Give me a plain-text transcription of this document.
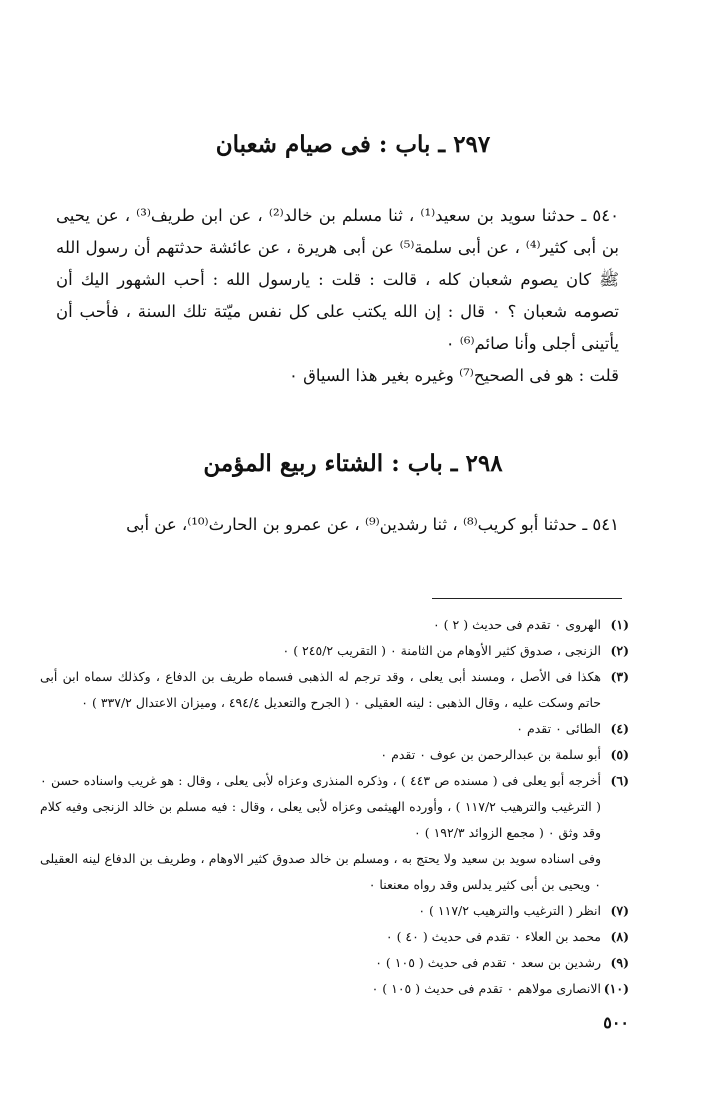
٢٩٧ ـ باب : فى صيام شعبان

٥٤٠ ـ حدثنا سويد بن سعيد⁽¹⁾ ، ثنا مسلم بن خالد⁽²⁾ ، عن ابن طريف⁽³⁾ ، عن يحيى بن أبى كثير⁽⁴⁾ ، عن أبى سلمة⁽⁵⁾ عن أبى هريرة ، عن عائشة حدثتهم أن رسول الله ﷺ كان يصوم شعبان كله ، قالت : قلت : يارسول الله : أحب الشهور اليك أن تصومه شعبان ؟ ٠ قال : إن الله يكتب على كل نفس ميّتة تلك السنة ، فأحب أن يأتينى أجلى وأنا صائم⁽⁶⁾ ٠

قلت : هو فى الصحيح⁽⁷⁾ وغيره بغير هذا السياق ٠

٢٩٨ ـ باب : الشتاء ربيع المؤمن

٥٤١ ـ حدثنا أبو كريب⁽⁸⁾ ، ثنا رشدين⁽⁹⁾ ، عن عمرو بن الحارث⁽¹⁰⁾، عن أبى

(١)
الهروى ٠ تقدم فى حديث ( ٢ ) ٠
(٢)
الزنجى ، صدوق كثير الأوهام من الثامنة ٠ ( التقريب ٢٤٥/٢ ) ٠
(٣)
هكذا فى الأصل ، ومسند أبى يعلى ، وقد ترجم له الذهبى فسماه طريف بن الدفاع ، وكذلك سماه ابن أبى حاتم وسكت عليه ، وقال الذهبى : لينه العقيلى ٠ ( الجرح والتعديل ٤٩٤/٤ ، وميزان الاعتدال ٣٣٧/٢ ) ٠
(٤)
الطائى ٠ تقدم ٠
(٥)
أبو سلمة بن عبدالرحمن بن عوف ٠ تقدم ٠
(٦)
أخرجه أبو يعلى فى ( مسنده ص ٤٤٣ ) ، وذكره المنذرى وعزاه لأبى يعلى ، وقال : هو غريب واسناده حسن ٠ ( الترغيب والترهيب ١١٧/٢ ) ، وأورده الهيثمى وعزاه لأبى يعلى ، وقال : فيه مسلم بن خالد الزنجى وفيه كلام وقد وثق ٠ ( مجمع الزوائد ١٩٢/٣ ) ٠
وفى اسناده سويد بن سعيد ولا يحتج به ، ومسلم بن خالد صدوق كثير الاوهام ، وطريف بن الدفاع لينه العقيلى ٠ ويحيى بن أبى كثير يدلس وقد رواه معنعنا ٠
(٧)
انظر ( الترغيب والترهيب ١١٧/٢ ) ٠
(٨)
محمد بن العلاء ٠ تقدم فى حديث ( ٤٠ ) ٠
(٩)
رشدين بن سعد ٠ تقدم فى حديث ( ١٠٥ ) ٠
(١٠)
الانصارى مولاهم ٠ تقدم فى حديث ( ١٠٥ ) ٠
٥٠٠
